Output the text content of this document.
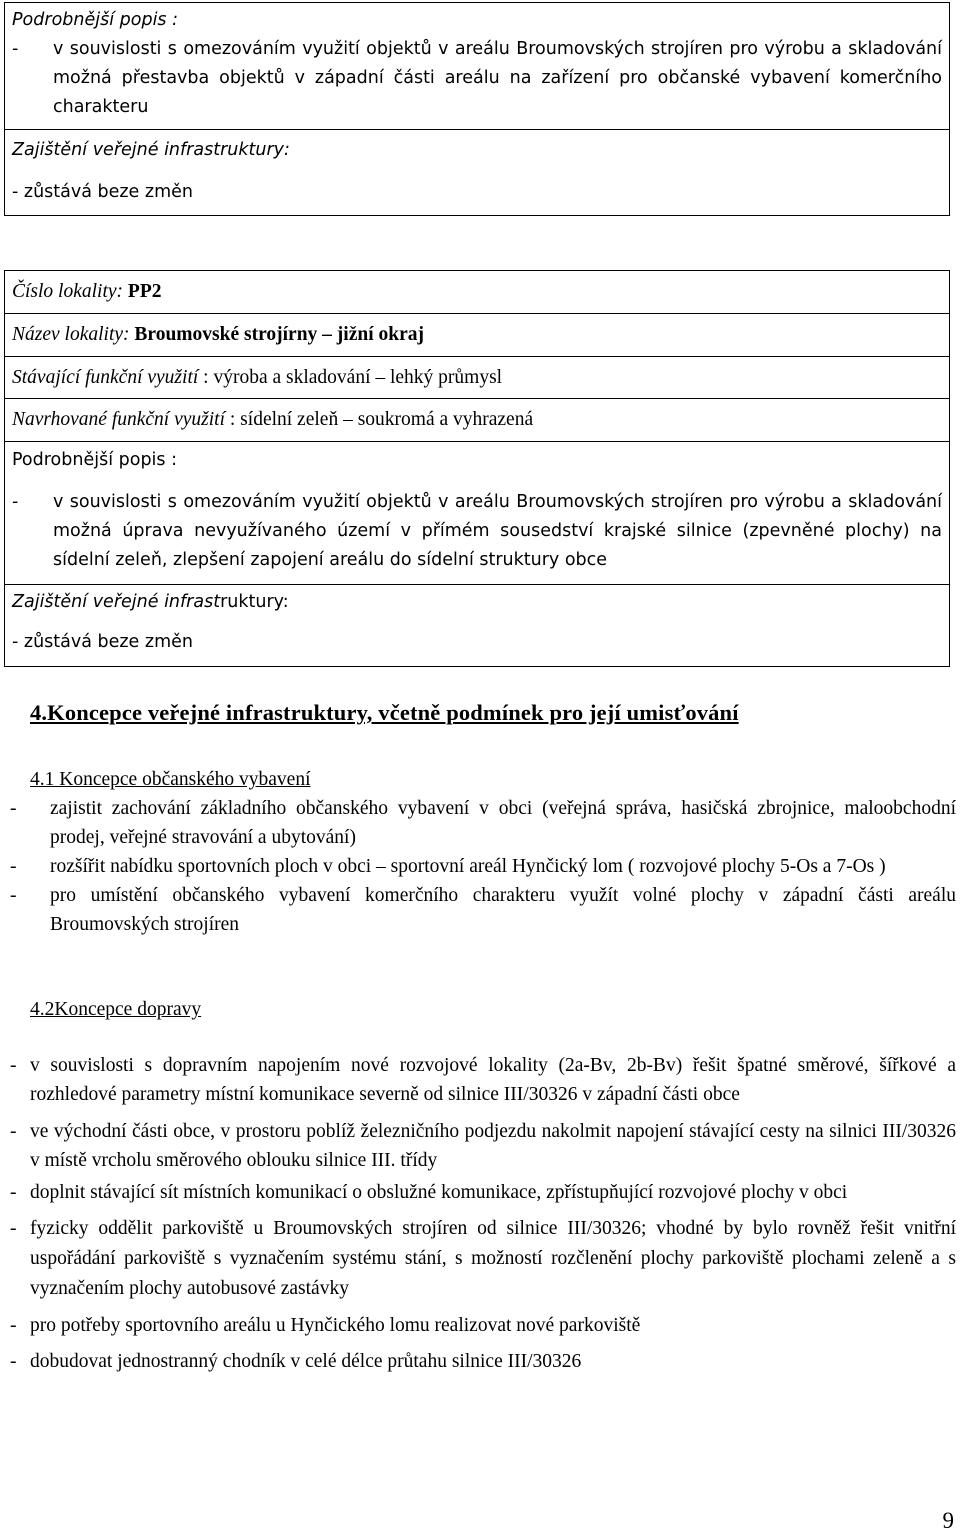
Podrobnější popis :
-	v souvislosti s omezováním využití objektů v areálu Broumovských strojíren pro výrobu a skladování možná přestavba objektů v západní části areálu na zařízení pro občanské vybavení komerčního charakteru
Zajištění veřejné infrastruktury:
- zůstává beze změn
Číslo lokality: PP2
Název lokality: Broumovské strojírny – jižní okraj
Stávající funkční využití : výroba a skladování – lehký průmysl
Navrhované funkční využití : sídelní zeleň – soukromá a vyhrazená
Podrobnější popis :
-	v souvislosti s omezováním využití objektů v areálu Broumovských strojíren pro výrobu a skladování možná úprava nevyužívaného území v přímém sousedství krajské silnice (zpevněné plochy) na sídelní zeleň, zlepšení zapojení areálu do sídelní struktury obce
Zajištění veřejné infrastruktury:
- zůstává beze změn
4.Koncepce veřejné infrastruktury, včetně podmínek pro její umisťování
4.1 Koncepce občanského vybavení
-	zajistit zachování základního občanského vybavení v obci (veřejná správa, hasičská zbrojnice, maloobchodní prodej, veřejné stravování a ubytování)
-	rozšířit nabídku sportovních ploch v obci – sportovní areál Hynčický lom ( rozvojové plochy 5-Os a 7-Os )
-	pro umístění občanského vybavení komerčního charakteru využít volné plochy v západní části areálu Broumovských strojíren
4.2Koncepce dopravy
- v souvislosti s dopravním napojením nové rozvojové lokality (2a-Bv, 2b-Bv) řešit špatné směrové, šířkové a rozhledové parametry místní komunikace severně od silnice III/30326 v západní části obce
- ve východní části obce, v prostoru poblíž železničního podjezdu nakolmit napojení stávající cesty na silnici III/30326 v místě vrcholu směrového oblouku silnice III. třídy
- doplnit stávající sít místních komunikací o obslužné komunikace, zpřístupňující rozvojové plochy v obci
- fyzicky oddělit parkoviště u Broumovských strojíren od silnice III/30326; vhodné by bylo rovněž řešit vnitřní uspořádání parkoviště s vyznačením systému stání, s možností rozčlenění plochy parkoviště plochami zeleně a s vyznačením plochy autobusové zastávky
- pro potřeby sportovního areálu u Hynčického lomu realizovat nové parkoviště
- dobudovat jednostranný chodník v celé délce průtahu silnice III/30326
9
